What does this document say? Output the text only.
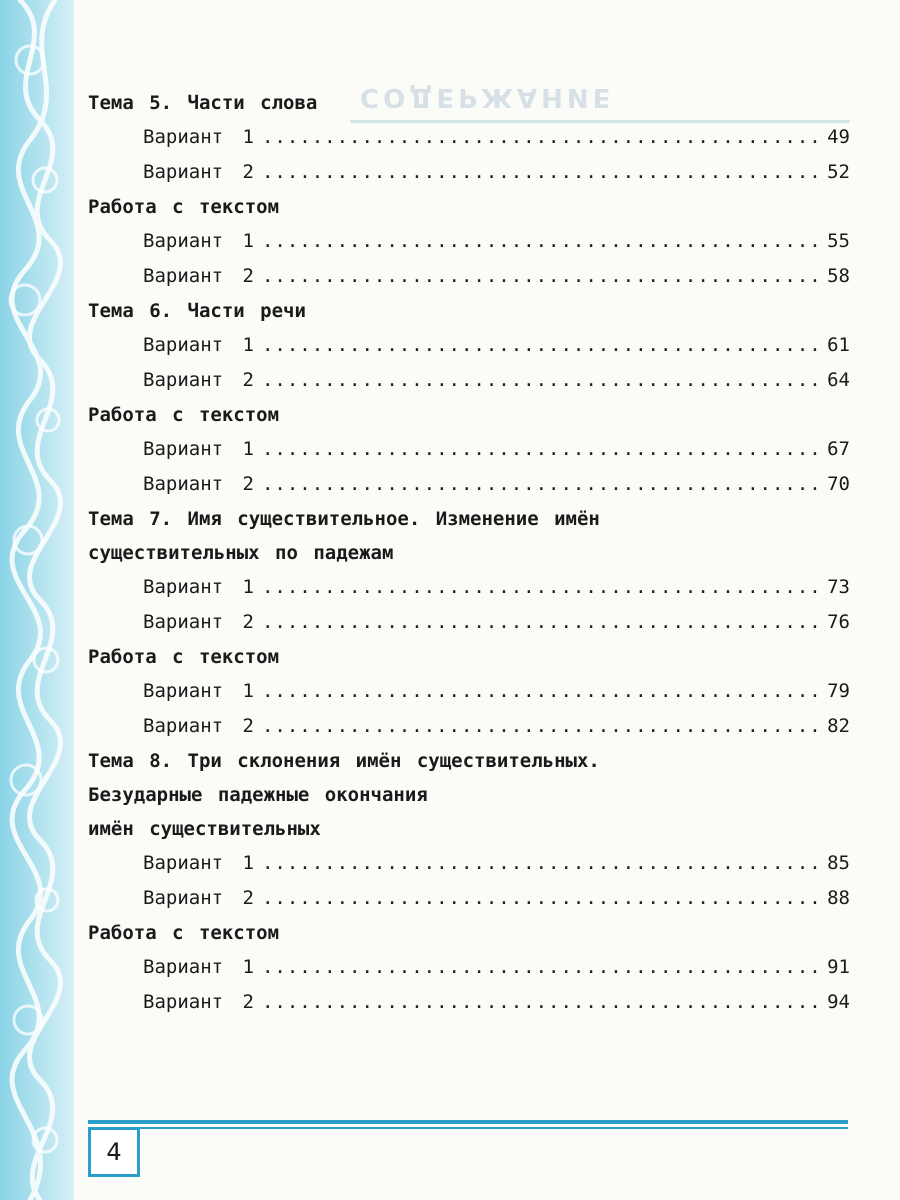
СОДЕРЖАНИЕ
Тема 5. Части слова
Вариант 1 .....	49
Вариант 2 .....	52
Работа с текстом
Вариант 1 .....	55
Вариант 2 .....	58
Тема 6. Части речи
Вариант 1 .....	61
Вариант 2 .....	64
Работа с текстом
Вариант 1 .....	67
Вариант 2 .....	70
Тема 7. Имя существительное. Изменение имён
существительных по падежам
Вариант 1 .....	73
Вариант 2 .....	76
Работа с текстом
Вариант 1 .....	79
Вариант 2 .....	82
Тема 8. Три склонения имён существительных.
Безударные падежные окончания
имён существительных
Вариант 1 .....	85
Вариант 2 .....	88
Работа с текстом
Вариант 1 .....	91
Вариант 2 .....	94
4
